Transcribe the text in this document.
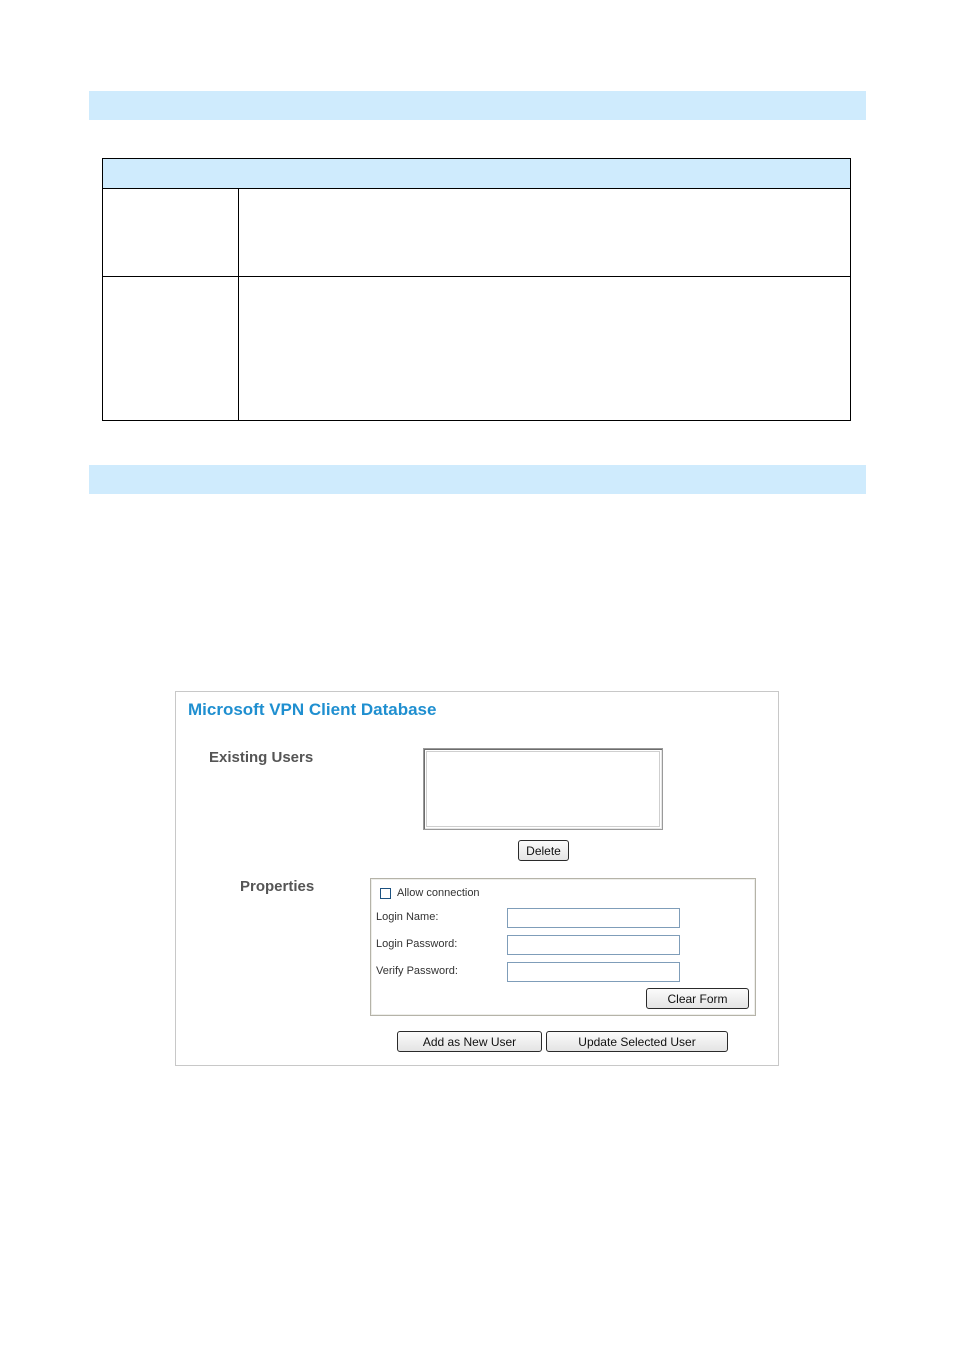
Microsoft VPN Client Database
Existing Users
Delete
Properties	Allow connection
Login Name:
Login Password:
Verify Password:
Clear Form
Add as New User	Update Selected User
